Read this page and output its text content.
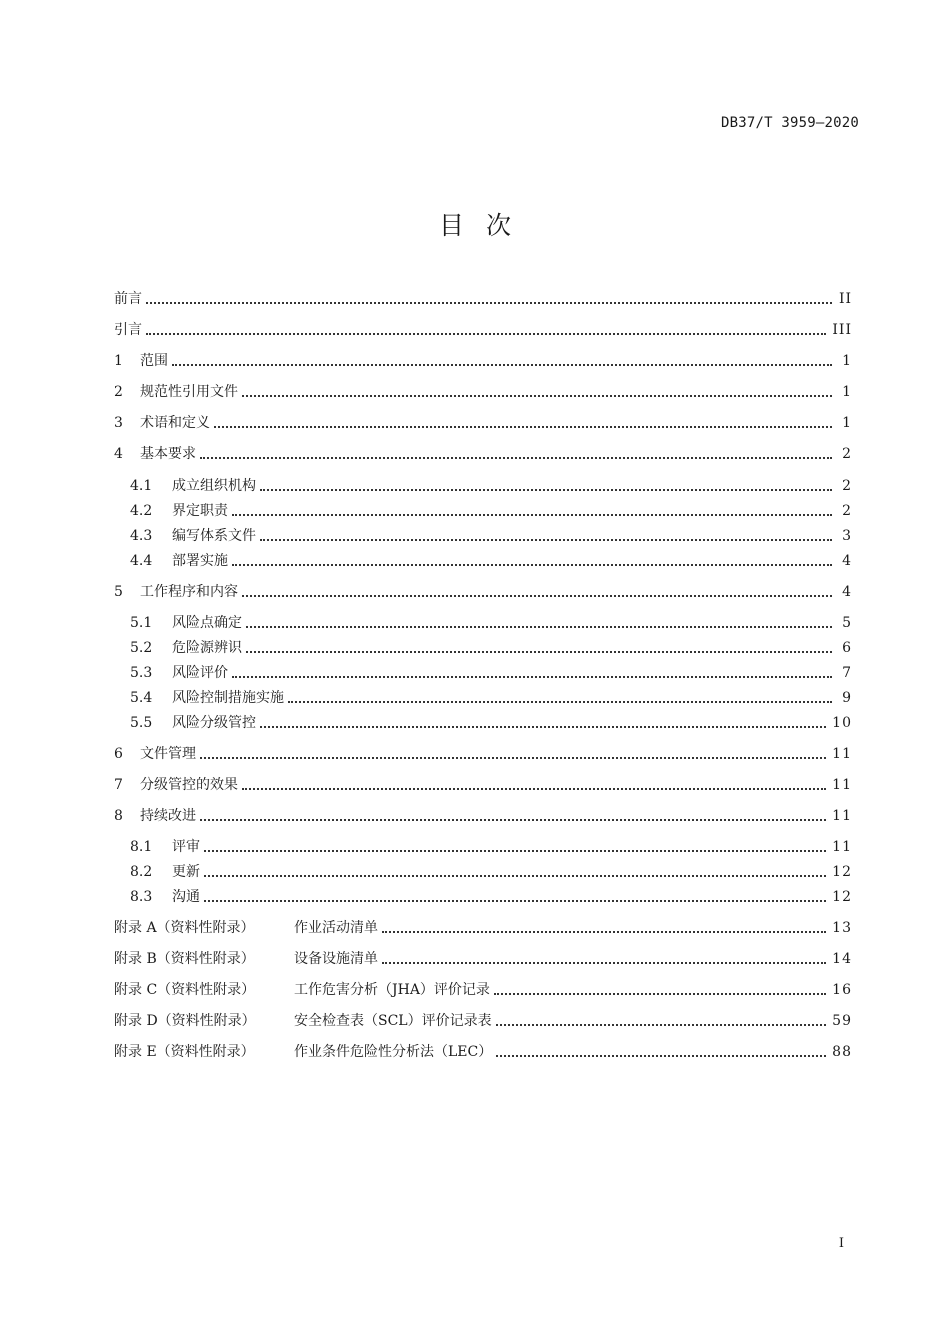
DB37/T 3959—2020
目次
前言	II
引言	III
1	范围	1
2	规范性引用文件	1
3	术语和定义	1
4	基本要求	2
4.1	成立组织机构	2
4.2	界定职责	2
4.3	编写体系文件	3
4.4	部署实施	4
5	工作程序和内容	4
5.1	风险点确定	5
5.2	危险源辨识	6
5.3	风险评价	7
5.4	风险控制措施实施	9
5.5	风险分级管控	10
6	文件管理	11
7	分级管控的效果	11
8	持续改进	11
8.1	评审	11
8.2	更新	12
8.3	沟通	12
附录 A（资料性附录）	作业活动清单	13
附录 B（资料性附录）	设备设施清单	14
附录 C（资料性附录）	工作危害分析（JHA）评价记录	16
附录 D（资料性附录）	安全检查表（SCL）评价记录表	59
附录 E（资料性附录）	作业条件危险性分析法（LEC）	88
I
